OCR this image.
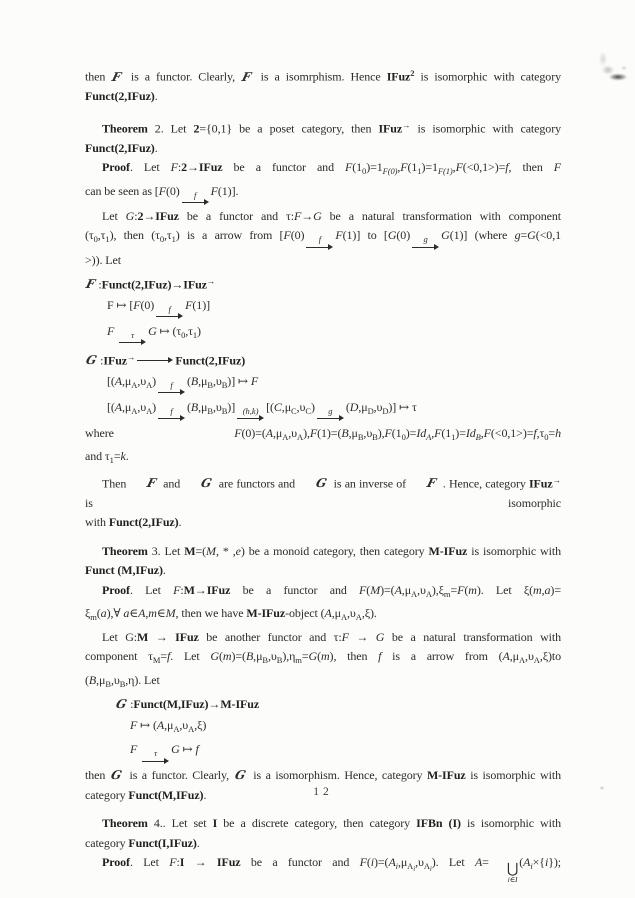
then F is a functor. Clearly, F is a isomrphism. Hence IFuz$^2$ is isomorphic with category
Funct(2,IFuz).
Theorem 2. Let 2={0,1} be a poset category, then IFuz→ is isomorphic with category
Funct(2,IFuz).
Proof. Let F:2→IFuz be a functor and $F(1_0)=1_{F(0)},F(1_1)=1_{F(1)},F(<0,1>)=f$, then F
can be seen as [F(0) f F(1)].
Let G:2→IFuz be a functor and τ:F→G be a natural transformation with component
$(\tau_0,\tau_1)$, then $(\tau_0,\tau_1)$ is a arrow from [F(0) f F(1)] to [G(0) g G(1)] (where g=G(<0,1
>)). Let
F :Funct(2,IFuz)→IFuz→
F ↦ [F(0) f F(1)]
F τ G ↦ $(\tau_0,\tau_1)$
G :IFuz→	Funct(2,IFuz)
[$(A,\mu_A,\upsilon_A)$ f $(B,\mu_B,\upsilon_B)$] ↦ F
[$(A,\mu_A,\upsilon_A)$ f $(B,\mu_B,\upsilon_B)$] (h,k) [$(C,\mu_C,\upsilon_C)$ g $(D,\mu_D,\upsilon_D)$] ↦ τ
where $F(0)=(A,\mu_A,\upsilon_A),F(1)=(B,\mu_B,\upsilon_B),F(1_0)=Id_A,F(1_1)=Id_B,F(<0,1>)=f,\tau_0=h$
and $\tau_1=k$.
Then F and G are functors and G is an inverse of F . Hence, category IFuz→ is isomorphic
with Funct(2,IFuz).
Theorem 3. Let M=(M, * ,e) be a monoid category, then category M-IFuz is isomorphic with
Funct (M,IFuz).
Proof. Let F:M→IFuz be a functor and $F(M)=(A,\mu_A,\upsilon_A),\xi_m=F(m)$. Let ξ(m,a)=
$\xi_m(a),\forall$ a∈A,m∈M, then we have M-IFuz-object $(A,\mu_A,\upsilon_A,\xi)$.
Let G:M → IFuz be another functor and τ:F → G be a natural transformation with
component $\tau_M=f$. Let $G(m)=(B,\mu_B,\upsilon_B),\eta_m=G(m)$, then f is a arrow from $(A,\mu_A,\upsilon_A,\xi)to$
$(B,\mu_B,\upsilon_B,\eta)$. Let
G :Funct(M,IFuz)→M-IFuz
F ↦ $(A,\mu_A,\upsilon_A,\xi)$
F τ G ↦ f
then G is a functor. Clearly, G is a isomorphism. Hence, category M-IFuz is isomorphic with
category Funct(M,IFuz).
Theorem 4.. Let set I be a discrete category, then category IFBn (I) is isomorphic with
category Funct(I,IFuz).
Proof. Let F:I → IFuz be a functor and $F(i)=(A_i,\mu_{Ai},\upsilon_{Ai})$. Let A=	⋃
i∈I
$(A_i\times\{i\})$;
12
